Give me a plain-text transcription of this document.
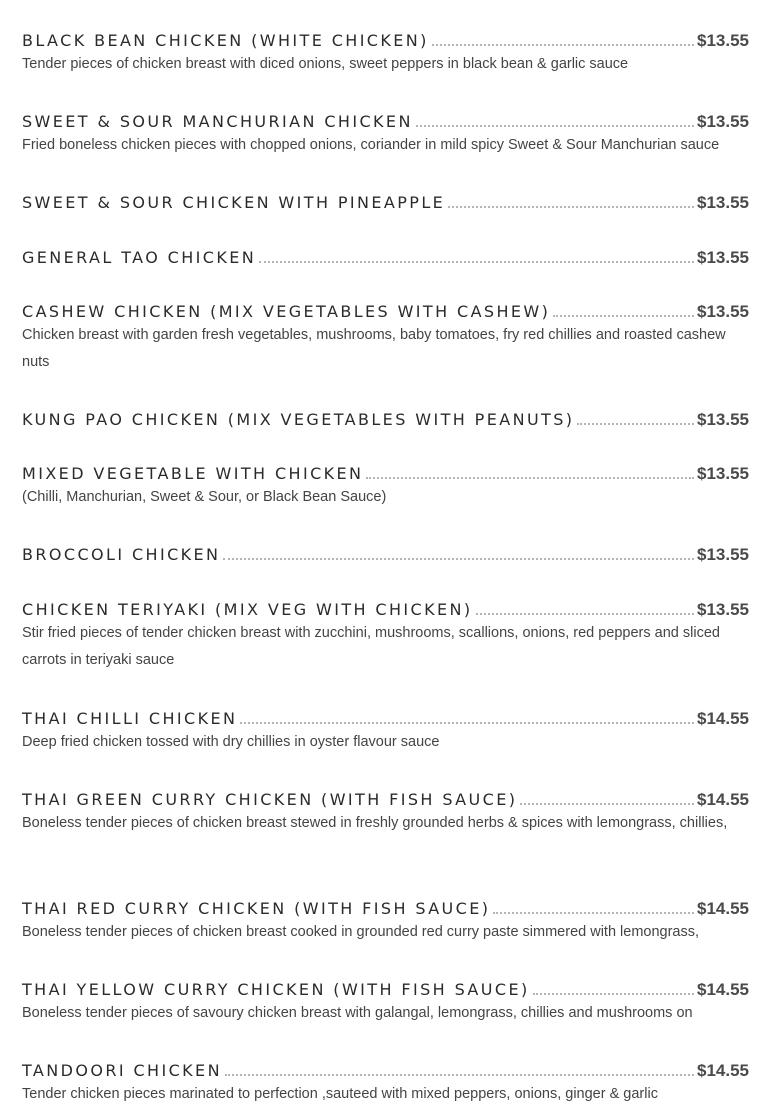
BLACK BEAN CHICKEN (WHITE CHICKEN)	$13.55
Tender pieces of chicken breast with diced onions, sweet peppers in black bean & garlic sauce
SWEET & SOUR MANCHURIAN CHICKEN	$13.55
Fried boneless chicken pieces with chopped onions, coriander in mild spicy Sweet & Sour Manchurian sauce
SWEET & SOUR CHICKEN WITH PINEAPPLE	$13.55
GENERAL TAO CHICKEN	$13.55
CASHEW CHICKEN (MIX VEGETABLES WITH CASHEW)	$13.55
Chicken breast with garden fresh vegetables, mushrooms, baby tomatoes, fry red chillies and roasted cashew nuts
KUNG PAO CHICKEN (MIX VEGETABLES WITH PEANUTS)	$13.55
MIXED VEGETABLE WITH CHICKEN	$13.55
(Chilli, Manchurian, Sweet & Sour, or Black Bean Sauce)
BROCCOLI CHICKEN	$13.55
CHICKEN TERIYAKI (MIX VEG WITH CHICKEN)	$13.55
Stir fried pieces of tender chicken breast with zucchini, mushrooms, scallions, onions, red peppers and sliced carrots in teriyaki sauce
THAI CHILLI CHICKEN	$14.55
Deep fried chicken tossed with dry chillies in oyster flavour sauce
THAI GREEN CURRY CHICKEN (WITH FISH SAUCE)	$14.55
Boneless tender pieces of chicken breast stewed in freshly grounded herbs & spices with lemongrass, chillies,
THAI RED CURRY CHICKEN (WITH FISH SAUCE)	$14.55
Boneless tender pieces of chicken breast cooked in grounded red curry paste simmered with lemongrass,
THAI YELLOW CURRY CHICKEN (WITH FISH SAUCE)	$14.55
Boneless tender pieces of savoury chicken breast with galangal, lemongrass, chillies and mushrooms on
TANDOORI CHICKEN	$14.55
Tender chicken pieces marinated to perfection ,sauteed with mixed peppers, onions, ginger & garlic
